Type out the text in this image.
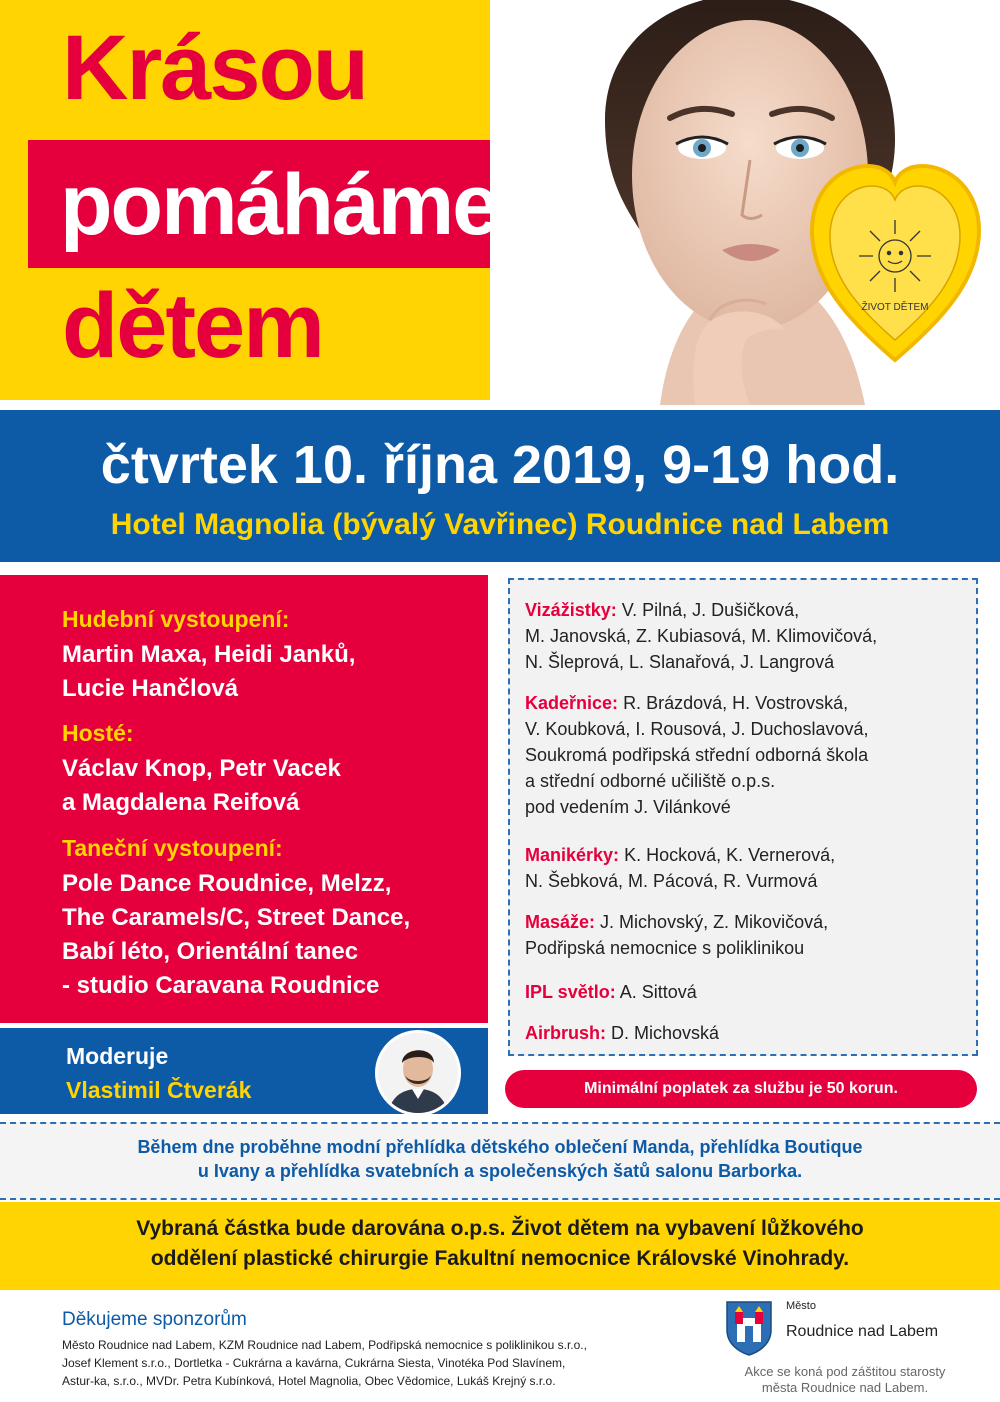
Krásou
pomáháme
dětem	ŽIVOT DĚTEM
čtvrtek 10. října 2019, 9-19 hod.
Hotel Magnolia (bývalý Vavřinec) Roudnice nad Labem
Hudební vystoupení:
Martin Maxa, Heidi Janků,
Lucie Hančlová
Hosté:
Václav Knop, Petr Vacek
a Magdalena Reifová
Taneční vystoupení:
Pole Dance Roudnice, Melzz,
The Caramels/C, Street Dance,
Babí léto, Orientální tanec
- studio Caravana Roudnice
Moderuje
Vlastimil Čtverák
Vizážistky: V. Pilná, J. Dušičková,
M. Janovská, Z. Kubiasová, M. Klimovičová,
N. Šleprová, L. Slanařová, J. Langrová
Kadeřnice: R. Brázdová, H. Vostrovská,
V. Koubková, I. Rousová, J. Duchoslavová,
Soukromá podřipská střední odborná škola
a střední odborné učiliště o.p.s.
pod vedením J. Vilánkové
Manikérky: K. Hocková, K. Vernerová,
N. Šebková, M. Pácová, R. Vurmová
Masáže: J. Michovský, Z. Mikovičová,
Podřipská nemocnice s poliklinikou
IPL světlo: A. Sittová
Airbrush: D. Michovská
Minimální poplatek za službu je 50 korun.
Během dne proběhne modní přehlídka dětského oblečení Manda, přehlídka Boutique
u Ivany a přehlídka svatebních a společenských šatů salonu Barborka.
Vybraná částka bude darována o.p.s. Život dětem na vybavení lůžkového
oddělení plastické chirurgie Fakultní nemocnice Královské Vinohrady.
Děkujeme sponzorům
Město Roudnice nad Labem, KZM Roudnice nad Labem, Podřipská nemocnice s poliklinikou s.r.o.,
Josef Klement s.r.o., Dortletka - Cukrárna a kavárna, Cukrárna Siesta, Vinotéka Pod Slavínem,
Astur-ka, s.r.o., MVDr. Petra Kubínková, Hotel Magnolia, Obec Vědomice, Lukáš Krejný s.r.o.
Město
Roudnice nad Labem
Akce se koná pod záštitou starosty
města Roudnice nad Labem.
